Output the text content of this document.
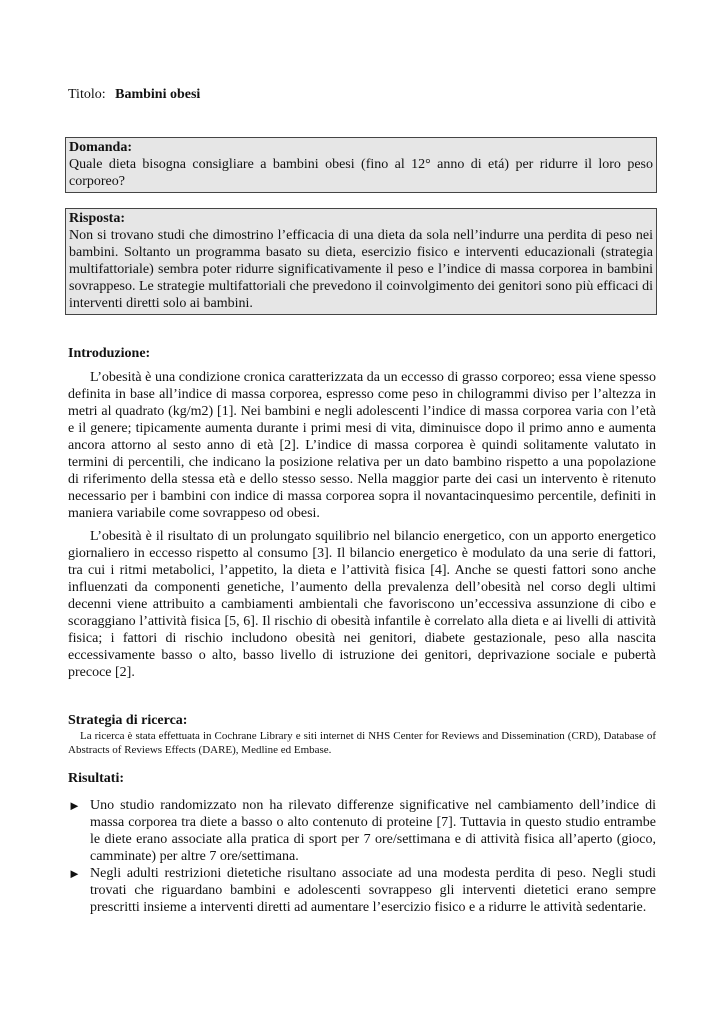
Titolo: Bambini obesi
Domanda:
Quale dieta bisogna consigliare a bambini obesi (fino al 12° anno di etá) per ridurre il loro peso corporeo?
Risposta:
Non si trovano studi che dimostrino l’efficacia di una dieta da sola nell’indurre una perdita di peso nei bambini. Soltanto un programma basato su dieta, esercizio fisico e interventi educazionali (strategia multifattoriale) sembra poter ridurre significativamente il peso e l’indice di massa corporea in bambini sovrappeso. Le strategie multifattoriali che prevedono il coinvolgimento dei genitori sono più efficaci di interventi diretti solo ai bambini.
Introduzione:

L’obesità è una condizione cronica caratterizzata da un eccesso di grasso corporeo; essa viene spesso definita in base all’indice di massa corporea, espresso come peso in chilogrammi diviso per l’altezza in metri al quadrato (kg/m2) [1]. Nei bambini e negli adolescenti l’indice di massa corporea varia con l’età e il genere; tipicamente aumenta durante i primi mesi di vita, diminuisce dopo il primo anno e aumenta ancora attorno al sesto anno di età [2]. L’indice di massa corporea è quindi solitamente valutato in termini di percentili, che indicano la posizione relativa per un dato bambino rispetto a una popolazione di riferimento della stessa età e dello stesso sesso. Nella maggior parte dei casi un intervento è ritenuto necessario per i bambini con indice di massa corporea sopra il novantacinquesimo percentile, definiti in maniera variabile come sovrappeso od obesi.

L’obesità è il risultato di un prolungato squilibrio nel bilancio energetico, con un apporto energetico giornaliero in eccesso rispetto al consumo [3]. Il bilancio energetico è modulato da una serie di fattori, tra cui i ritmi metabolici, l’appetito, la dieta e l’attività fisica [4]. Anche se questi fattori sono anche influenzati da componenti genetiche, l’aumento della prevalenza dell’obesità nel corso degli ultimi decenni viene attribuito a cambiamenti ambientali che favoriscono un’eccessiva assunzione di cibo e scoraggiano l’attività fisica [5, 6]. Il rischio di obesità infantile è correlato alla dieta e ai livelli di attività fisica; i fattori di rischio includono obesità nei genitori, diabete gestazionale, peso alla nascita eccessivamente basso o alto, basso livello di istruzione dei genitori, deprivazione sociale e pubertà precoce [2].

Strategia di ricerca:
La ricerca è stata effettuata in Cochrane Library e siti internet di NHS Center for Reviews and Dissemination (CRD), Database of Abstracts of Reviews Effects (DARE), Medline ed Embase.
Risultati:
► Uno studio randomizzato non ha rilevato differenze significative nel cambiamento dell’indice di massa corporea tra diete a basso o alto contenuto di proteine [7]. Tuttavia in questo studio entrambe le diete erano associate alla pratica di sport per 7 ore/settimana e di attività fisica all’aperto (gioco, camminate) per altre 7 ore/settimana.
► Negli adulti restrizioni dietetiche risultano associate ad una modesta perdita di peso. Negli studi trovati che riguardano bambini e adolescenti sovrappeso gli interventi dietetici erano sempre prescritti insieme a interventi diretti ad aumentare l’esercizio fisico e a ridurre le attività sedentarie.
